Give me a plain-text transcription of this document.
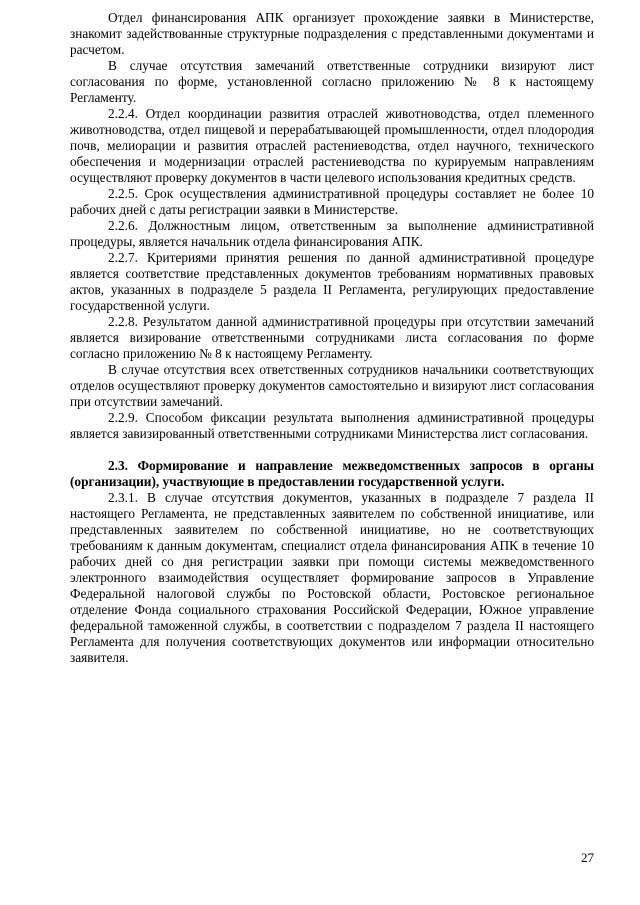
Отдел финансирования АПК организует прохождение заявки в Министерстве, знакомит задействованные структурные подразделения с представленными документами и расчетом.

В случае отсутствия замечаний ответственные сотрудники визируют лист согласования по форме, установленной согласно приложению № 8 к настоящему Регламенту.

2.2.4. Отдел координации развития отраслей животноводства, отдел племенного животноводства, отдел пищевой и перерабатывающей промышленности, отдел плодородия почв, мелиорации и развития отраслей растениеводства, отдел научного, технического обеспечения и модернизации отраслей растениеводства по курируемым направлениям осуществляют проверку документов в части целевого использования кредитных средств.

2.2.5. Срок осуществления административной процедуры составляет не более 10 рабочих дней с даты регистрации заявки в Министерстве.

2.2.6. Должностным лицом, ответственным за выполнение административной процедуры, является начальник отдела финансирования АПК.

2.2.7. Критериями принятия решения по данной административной процедуре является соответствие представленных документов требованиям нормативных правовых актов, указанных в подразделе 5 раздела II Регламента, регулирующих предоставление государственной услуги.

2.2.8. Результатом данной административной процедуры при отсутствии замечаний является визирование ответственными сотрудниками листа согласования по форме согласно приложению № 8 к настоящему Регламенту.

В случае отсутствия всех ответственных сотрудников начальники соответствующих отделов осуществляют проверку документов самостоятельно и визируют лист согласования при отсутствии замечаний.

2.2.9. Способом фиксации результата выполнения административной процедуры является завизированный ответственными сотрудниками Министерства лист согласования.

2.3. Формирование и направление межведомственных запросов в органы (организации), участвующие в предоставлении государственной услуги.

2.3.1. В случае отсутствия документов, указанных в подразделе 7 раздела II настоящего Регламента, не представленных заявителем по собственной инициативе, или представленных заявителем по собственной инициативе, но не соответствующих требованиям к данным документам, специалист отдела финансирования АПК в течение 10 рабочих дней со дня регистрации заявки при помощи системы межведомственного электронного взаимодействия осуществляет формирование запросов в Управление Федеральной налоговой службы по Ростовской области, Ростовское региональное отделение Фонда социального страхования Российской Федерации, Южное управление федеральной таможенной службы, в соответствии с подразделом 7 раздела II настоящего Регламента для получения соответствующих документов или информации относительно заявителя.

27
